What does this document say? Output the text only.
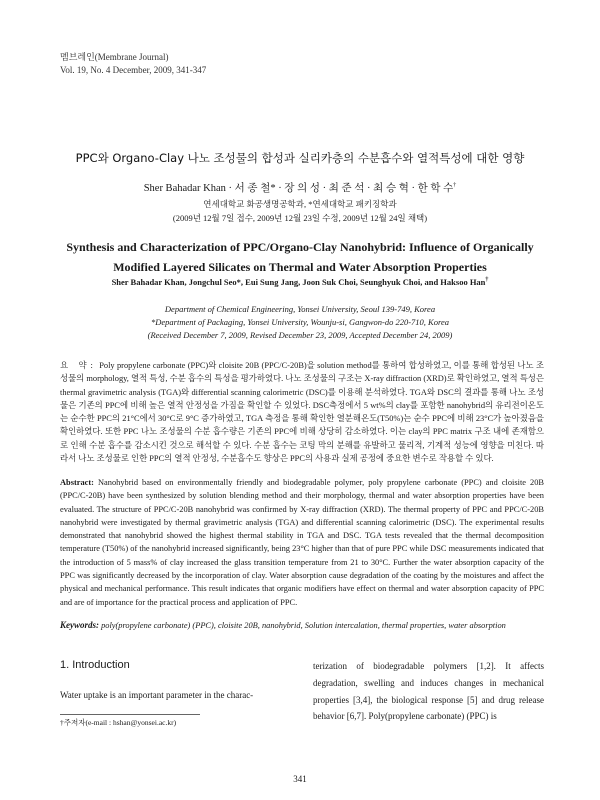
멤브레인(Membrane Journal)
Vol. 19, No. 4 December, 2009, 341-347
PPC와 Organo-Clay 나노 조성물의 합성과 실리카층의 수분흡수와 열적특성에 대한 영향
Sher Bahadar Khan · 서 종 철* · 장 의 성 · 최 준 석 · 최 승 혁 · 한 학 수†
연세대학교 화공생명공학과, *연세대학교 패키징학과
(2009년 12월 7일 접수, 2009년 12월 23일 수정, 2009년 12월 24일 채택)
Synthesis and Characterization of PPC/Organo-Clay Nanohybrid: Influence of Organically
Modified Layered Silicates on Thermal and Water Absorption Properties
Sher Bahadar Khan, Jongchul Seo*, Eui Sung Jang, Joon Suk Choi, Seunghyuk Choi, and Haksoo Han†
Department of Chemical Engineering, Yonsei University, Seoul 139-749, Korea
*Department of Packaging, Yonsei University, Wounju-si, Gangwon-do 220-710, Korea
(Received December 7, 2009, Revised December 23, 2009, Accepted December 24, 2009)

요 약: Poly propylene carbonate (PPC)와 cloisite 20B (PPC/C-20B)을 solution method를 통하여 합성하였고, 이를 통해 합성된 나노 조성물의 morphology, 열적 특성, 수분 흡수의 특성을 평가하였다. 나노 조성물의 구조는 X-ray diffraction (XRD)로 확인하였고, 열적 특성은 thermal gravimetric analysis (TGA)와 differential scanning calorimetric (DSC)를 이용해 분석하였다. TGA와 DSC의 결과를 통해 나노 조성물은 기존의 PPC에 비해 높은 열적 안정성을 가짐을 확인할 수 있었다. DSC측정에서 5 wt%의 clay를 포함한 nanohybrid의 유리전이온도는 순수한 PPC의 21°C에서 30°C로 9°C 증가하였고, TGA 측정을 통해 확인한 열분해온도(T50%)는 순수 PPC에 비해 23°C가 높아졌음을 확인하였다. 또한 PPC 나노 조성물의 수분 흡수량은 기존의 PPC에 비해 상당히 감소하였다. 이는 clay의 PPC matrix 구조 내에 존재함으로 인해 수분 흡수를 감소시킨 것으로 해석할 수 있다. 수분 흡수는 코팅 막의 분해를 유발하고 물리적, 기계적 성능에 영향을 미친다. 따라서 나노 조성물로 인한 PPC의 열적 안정성, 수분흡수도 향상은 PPC의 사용과 실제 공정에 중요한 변수로 작용할 수 있다.

Abstract: Nanohybrid based on environmentally friendly and biodegradable polymer, poly propylene carbonate (PPC) and cloisite 20B (PPC/C-20B) have been synthesized by solution blending method and their morphology, thermal and water absorption properties have been evaluated. The structure of PPC/C-20B nanohybrid was confirmed by X-ray diffraction (XRD). The thermal property of PPC and PPC/C-20B nanohybrid were investigated by thermal gravimetric analysis (TGA) and differential scanning calorimetric (DSC). The experimental results demonstrated that nanohybrid showed the highest thermal stability in TGA and DSC. TGA tests revealed that the thermal decomposition temperature (T50%) of the nanohybrid increased significantly, being 23°C higher than that of pure PPC while DSC measurements indicated that the introduction of 5 mass% of clay increased the glass transition temperature from 21 to 30°C. Further the water absorption capacity of the PPC was significantly decreased by the incorporation of clay. Water absorption cause degradation of the coating by the moistures and affect the physical and mechanical performance. This result indicates that organic modifiers have effect on thermal and water absorption capacity of PPC and are of importance for the practical process and application of PPC.

Keywords: poly(propylene carbonate) (PPC), cloisite 20B, nanohybrid, Solution intercalation, thermal properties, water absorption
1. Introduction

Water uptake is an important parameter in the charac-

terization of biodegradable polymers [1,2]. It affects degradation, swelling and induces changes in mechanical properties [3,4], the biological response [5] and drug release behavior [6,7]. Poly(propylene carbonate) (PPC) is

†주저자(e-mail : hshan@yonsei.ac.kr)
341
